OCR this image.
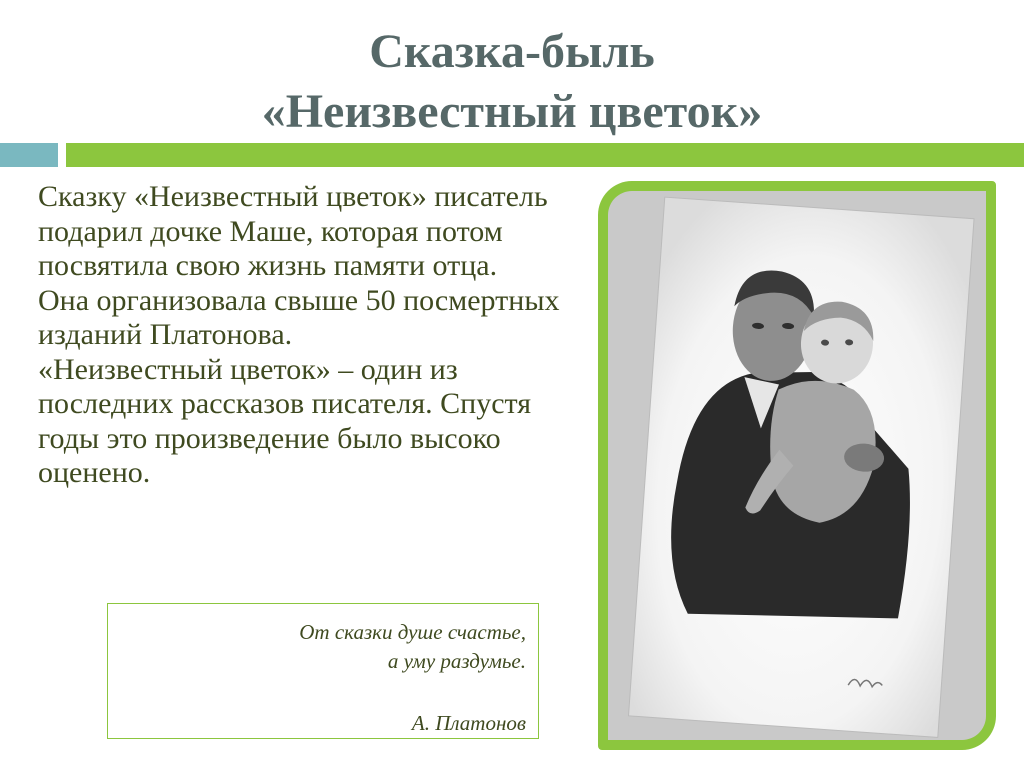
Сказка-быль
«Неизвестный цветок»

Сказку «Неизвестный цветок» писатель подарил дочке Маше, которая потом посвятила свою жизнь памяти отца.

Она организовала свыше 50 посмертных изданий Платонова.

«Неизвестный цветок» – один из последних рассказов писателя. Спустя годы это произведение было высоко оценено.

От сказки душе счастье,
а уму раздумье.
А. Платонов
